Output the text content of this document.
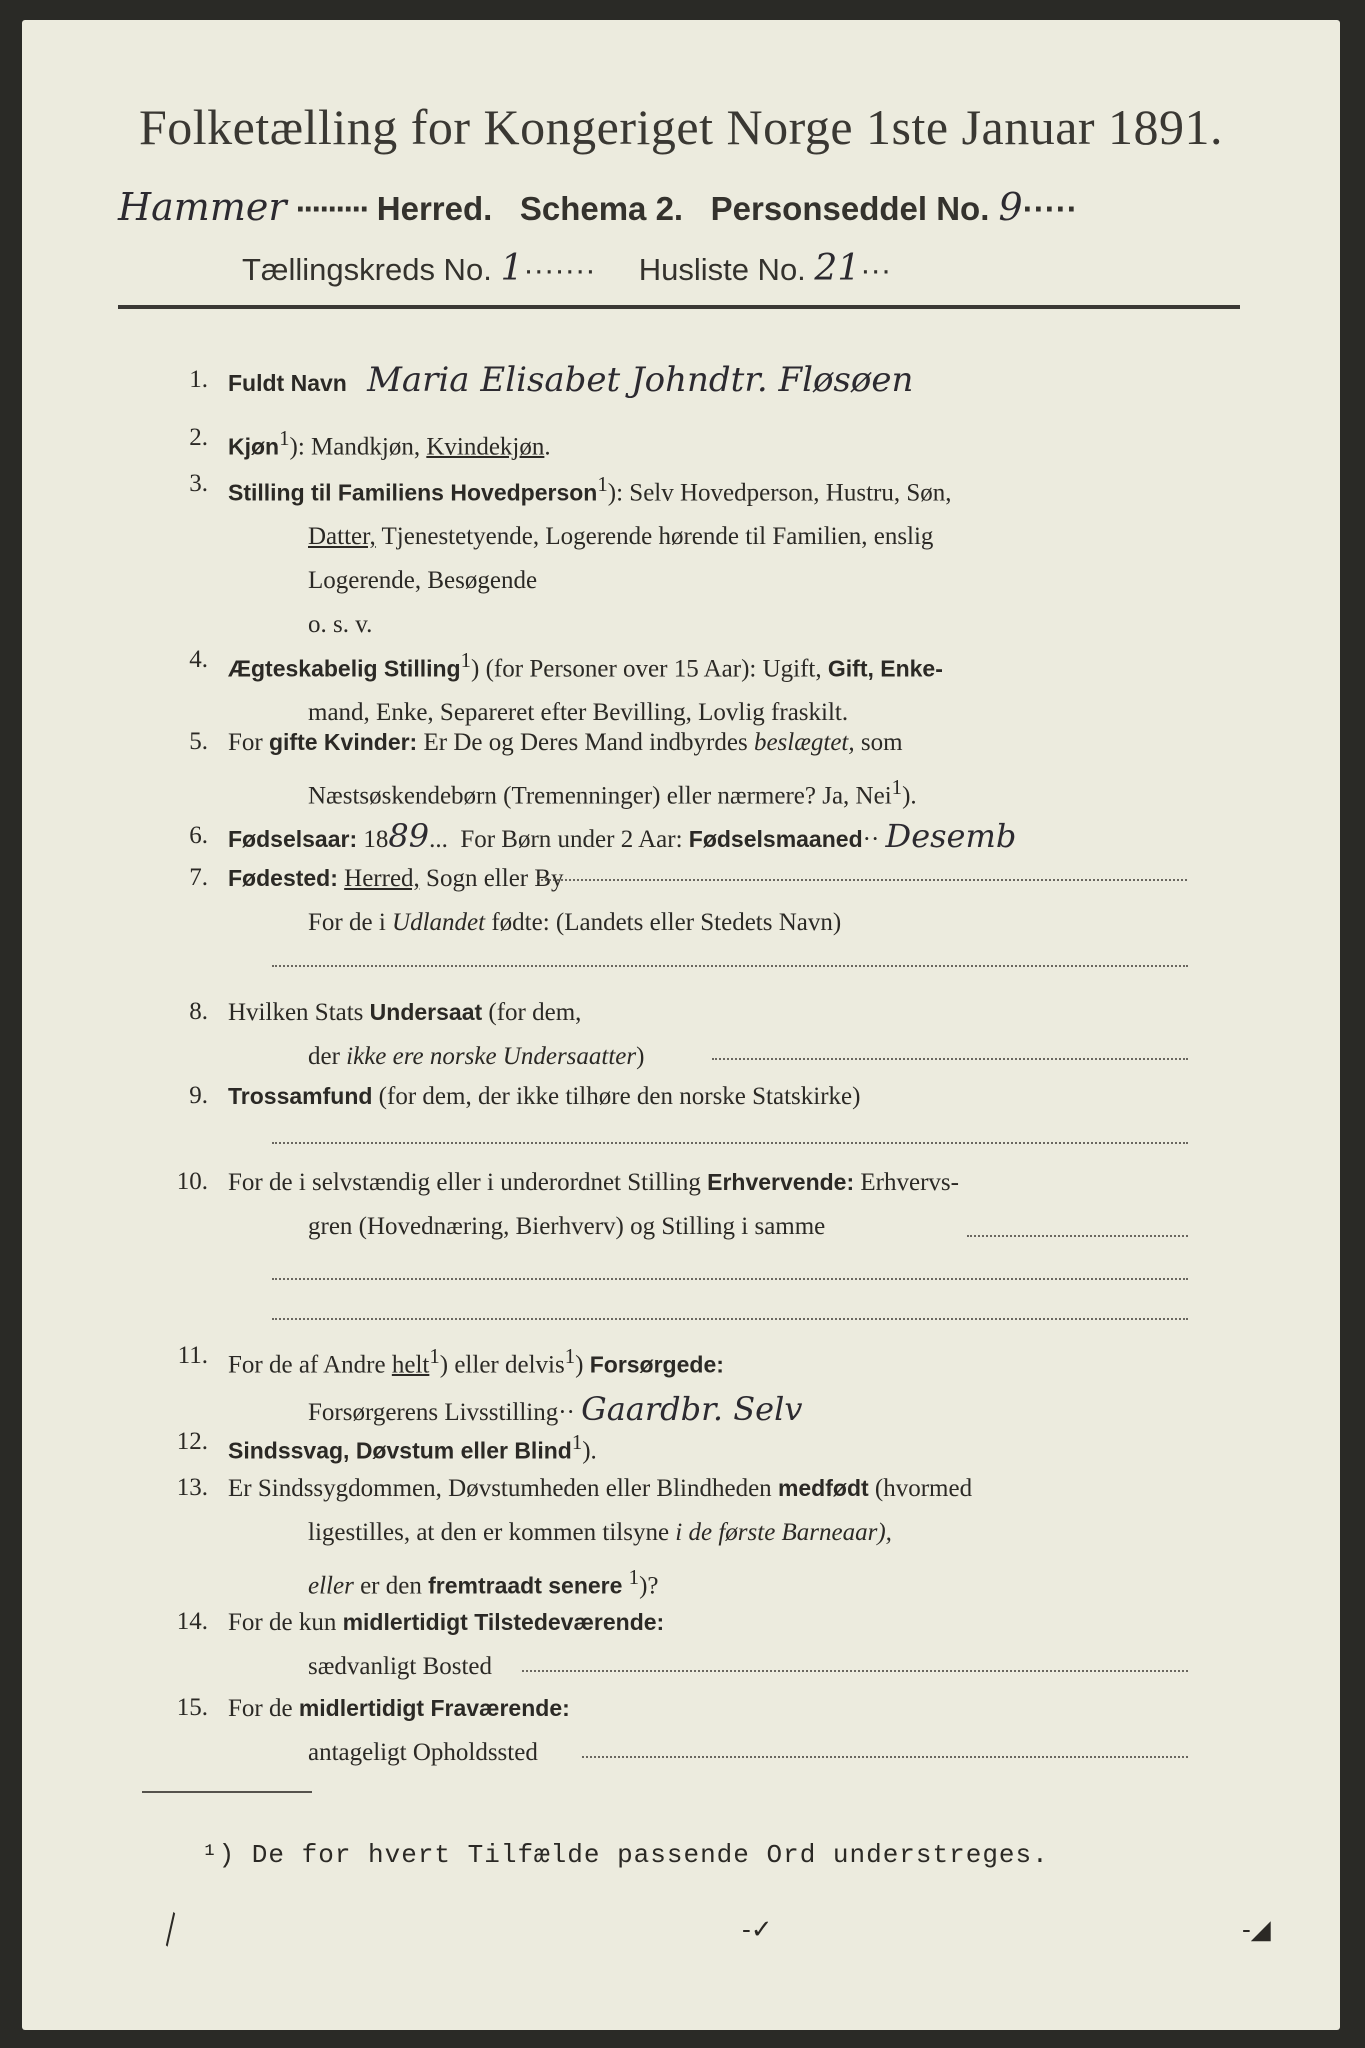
Folketælling for Kongeriget Norge 1ste Januar 1891.
Hammer ········· Herred. Schema 2. Personseddel No. 9·····
Tællingskreds No. 1······· Husliste No. 21···
1. Fuldt Navn Maria Elisabet Johndtr. Fløsøen
2. Kjøn$^1$): Mandkjøn, Kvindekjøn.
3. Stilling til Familiens Hovedperson$^1$): Selv Hovedperson, Hustru, Søn,
Datter, Tjenestetyende, Logerende hørende til Familien, enslig
Logerende, Besøgende
o. s. v.
4. Ægteskabelig Stilling$^1$) (for Personer over 15 Aar): Ugift, Gift, Enke-
mand, Enke, Separeret efter Bevilling, Lovlig fraskilt.
5. For gifte Kvinder: Er De og Deres Mand indbyrdes beslægtet, som
Næstsøskendebørn (Tremenninger) eller nærmere? Ja, Nei$^1$).
6. Fødselsaar: 1889...  For Børn under 2 Aar: Fødselsmaaned·· Desemb
7. Fødested: Herred, Sogn eller By
For de i Udlandet fødte: (Landets eller Stedets Navn)
8. Hvilken Stats Undersaat (for dem,
der ikke ere norske Undersaatter)
9. Trossamfund (for dem, der ikke tilhøre den norske Statskirke)
10. For de i selvstændig eller i underordnet Stilling Erhvervende: Erhvervs-
gren (Hovednæring, Bierhverv) og Stilling i samme
11. For de af Andre helt$^1$) eller delvis$^1$) Forsørgede:
Forsørgerens Livsstilling·· Gaardbr. Selv
12. Sindssvag, Døvstum eller Blind$^1$).
13. Er Sindssygdommen, Døvstumheden eller Blindheden medfødt (hvormed
ligestilles, at den er kommen tilsyne i de første Barneaar),
eller er den fremtraadt senere $^1$)?
14. For de kun midlertidigt Tilstedeværende:
sædvanligt Bosted
15. For de midlertidigt Fraværende:
antageligt Opholdssted
¹) De for hvert Tilfælde passende Ord understreges.
╲	‐✓	‑◢
